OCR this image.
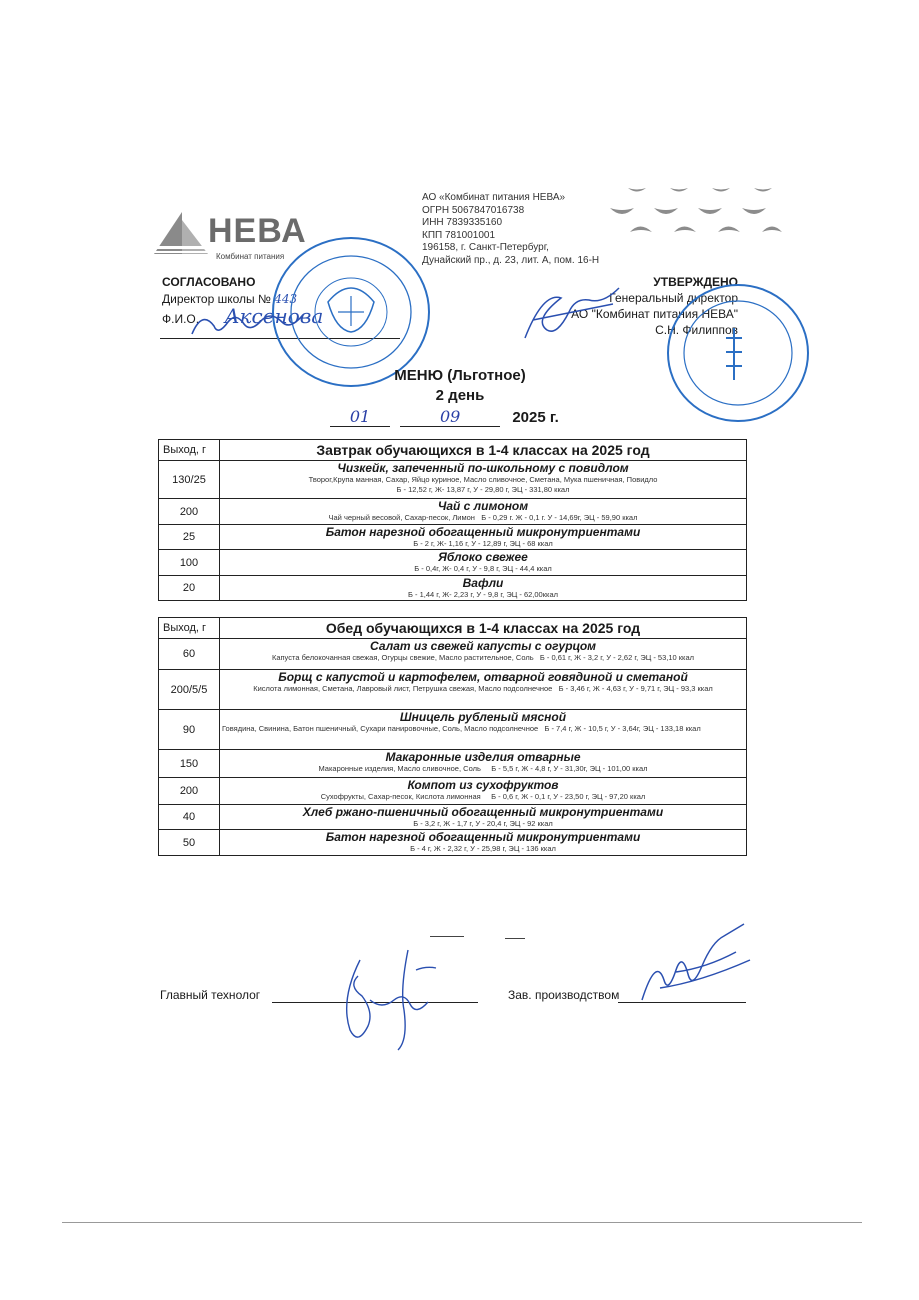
НЕВА
Комбинат питания
АО «Комбинат питания НЕВА»
ОГРН 5067847016738
ИНН 7839335160
КПП 781001001
196158, г. Санкт-Петербург,
Дунайский пр., д. 23, лит. А, пом. 16-Н
СОГЛАСОВАНО
Директор школы № 443
Ф.И.О. Аксенова
УТВЕРЖДЕНО
Генеральный директор
АО "Комбинат питания НЕВА"
С.Н. Филиппов
МЕНЮ (Льготное)
2 день
01	09	2025 г.
Выход, г	Завтрак обучающихся в 1-4 классах на 2025 год
130/25	Чизкейк, запеченный по-школьному с повидлом
Творог,Крупа манная, Сахар, Яйцо куриное, Масло сливочное, Сметана, Мука пшеничная, Повидло
Б - 12,52 г, Ж- 13,87 г, У - 29,80 г, ЭЦ - 331,80 ккал

200	Чай с лимоном
Чай черный весовой, Сахар-песок, Лимон Б - 0,29 г. Ж - 0,1 г. У - 14,69г, ЭЦ - 59,90 ккал

25	Батон нарезной обогащенный микронутриентами
Б - 2 г, Ж- 1,16 г, У - 12,89 г, ЭЦ - 68 ккал

100	Яблоко свежее
Б - 0,4г, Ж- 0,4 г, У - 9,8 г, ЭЦ - 44,4 ккал

20	Вафли
Б - 1,44 г, Ж- 2,23 г, У - 9,8 г, ЭЦ - 62,00ккал
Выход, г	Обед обучающихся в 1-4 классах на 2025 год
60	Салат из свежей капусты с огурцом
Капуста белокочанная свежая, Огурцы свежие, Масло растительное, Соль Б - 0,61 г, Ж - 3,2 г, У - 2,62 г, ЭЦ - 53,10 ккал

200/5/5	Борщ с капустой и картофелем, отварной говядиной и сметаной
Кислота лимонная, Сметана, Лавровый лист, Петрушка свежая, Масло подсолнечное Б - 3,46 г, Ж - 4,63 г, У - 9,71 г, ЭЦ - 93,3 ккал

90	Шницель рубленый мясной
Говядина, Свинина, Батон пшеничный, Сухари панировочные, Соль, Масло подсолнечное Б - 7,4 г, Ж - 10,5 г, У - 3,64г, ЭЦ - 133,18 ккал

150	Макаронные изделия отварные
Макаронные изделия, Масло сливочное, Соль Б - 5,5 г, Ж - 4,8 г, У - 31,30г, ЭЦ - 101,00 ккал

200	Компот из сухофруктов
Сухофрукты, Сахар-песок, Кислота лимонная Б - 0,6 г, Ж - 0,1 г, У - 23,50 г, ЭЦ - 97,20 ккал

40	Хлеб ржано-пшеничный обогащенный микронутриентами
Б - 3,2 г, Ж - 1,7 г, У - 20,4 г, ЭЦ - 92 ккал

50	Батон нарезной обогащенный микронутриентами
Б - 4 г, Ж - 2,32 г, У - 25,98 г, ЭЦ - 136 ккал
Главный технолог	Зав. производством
